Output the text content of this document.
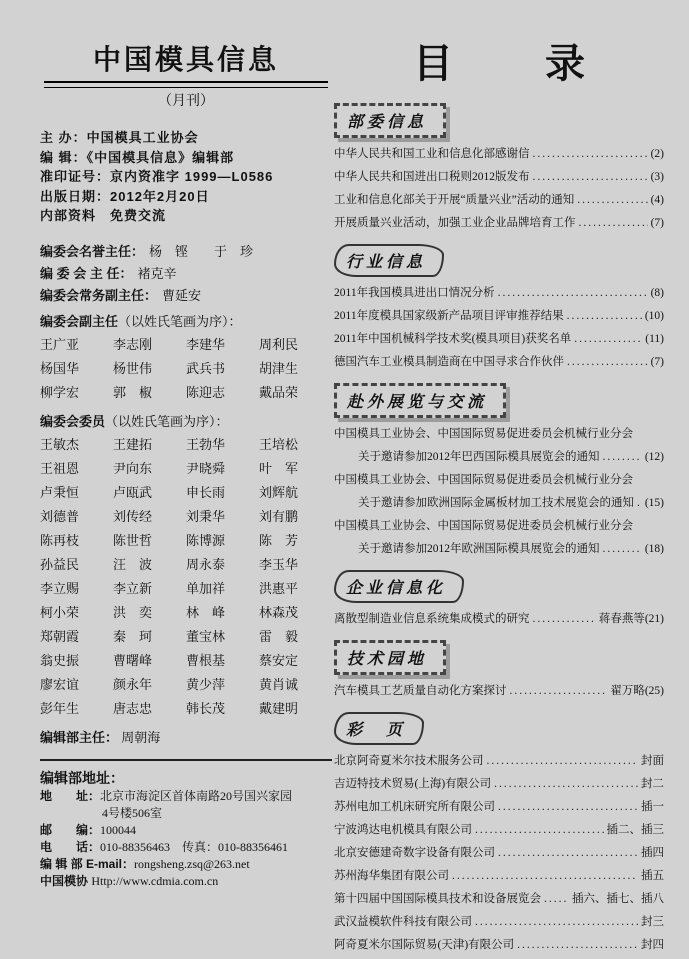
中国模具信息
（月刊）
主 办：中国模具工业协会
编 辑：《中国模具信息》编辑部
准印证号：京内资准字 1999—L0586
出版日期：2012年2月20日
内部资料　免费交流
编委会名誉主任： 杨　铿　　于　珍
编 委 会 主 任： 褚克辛
编委会常务副主任： 曹延安
编委会副主任（以姓氏笔画为序）：
王广亚	李志刚	李建华	周利民
杨国华	杨世伟	武兵书	胡津生
柳学宏	郭　椒	陈迎志	戴品荣
编委会委员（以姓氏笔画为序）：
王敏杰	王建拓	王勃华	王培松
王祖恩	尹向东	尹晓舜	叶　军
卢秉恒	卢瓯武	申长雨	刘辉航
刘德普	刘传经	刘秉华	刘有鹏
陈再枝	陈世哲	陈博源	陈　芳
孙益民	汪　波	周永泰	李玉华
李立赐	李立新	单加祥	洪惠平
柯小荣	洪　奕	林　峰	林森茂
郑朝霞	秦　珂	董宝林	雷　毅
翁史振	曹曙峰	曹根基	蔡安定
廖宏谊	颜永年	黄少萍	黄肖诚
彭年生	唐志忠	韩长茂	戴建明
编辑部主任： 周朝海
编辑部地址：
地　　址：北京市海淀区首体南路20号国兴家园
4号楼506室
邮　　编：100044
电　　话：010-88356463　传真：010-88356461
编 辑 部 E-mail：rongsheng.zsq@263.net
中国模协 Http://www.cdmia.com.cn
目　录
部委信息
中华人民共和国工业和信息化部感谢信 .....	(2)
中华人民共和国进出口税则2012版发布 .....	(3)
工业和信息化部关于开展“质量兴业”活动的通知 .....	(4)
开展质量兴业活动，加强工业企业品牌培育工作 .....	(7)
行业信息
2011年我国模具进出口情况分析 .....	(8)
2011年度模具国家级新产品项目评审推荐结果 .....	(10)
2011年中国机械科学技术奖(模具项目)获奖名单 .....	(11)
德国汽车工业模具制造商在中国寻求合作伙伴 .....	(7)
赴外展览与交流
中国模具工业协会、中国国际贸易促进委员会机械行业分会
关于邀请参加2012年巴西国际模具展览会的通知 .....	(12)
中国模具工业协会、中国国际贸易促进委员会机械行业分会
关于邀请参加欧洲国际金属板材加工技术展览会的通知 ..... (15)
中国模具工业协会、中国国际贸易促进委员会机械行业分会
关于邀请参加2012年欧洲国际模具展览会的通知 .....	(18)
企业信息化
离散型制造业信息系统集成模式的研究 .....	蒋春燕等(21)
技术园地
汽车模具工艺质量自动化方案探讨 .....	翟万略(25)
彩　页
北京阿奇夏米尔技术服务公司 .....	封面
吉迈特技术贸易(上海)有限公司 .....	封二
苏州电加工机床研究所有限公司 .....	插一
宁波鸿达电机模具有限公司 .....	插二、插三
北京安德建奇数字设备有限公司 .....	插四
苏州海华集团有限公司 .....	插五
第十四届中国国际模具技术和设备展览会 .....	插六、插七、插八
武汉益模软件科技有限公司 .....	封三
阿奇夏米尔国际贸易(天津)有限公司 .....	封四
